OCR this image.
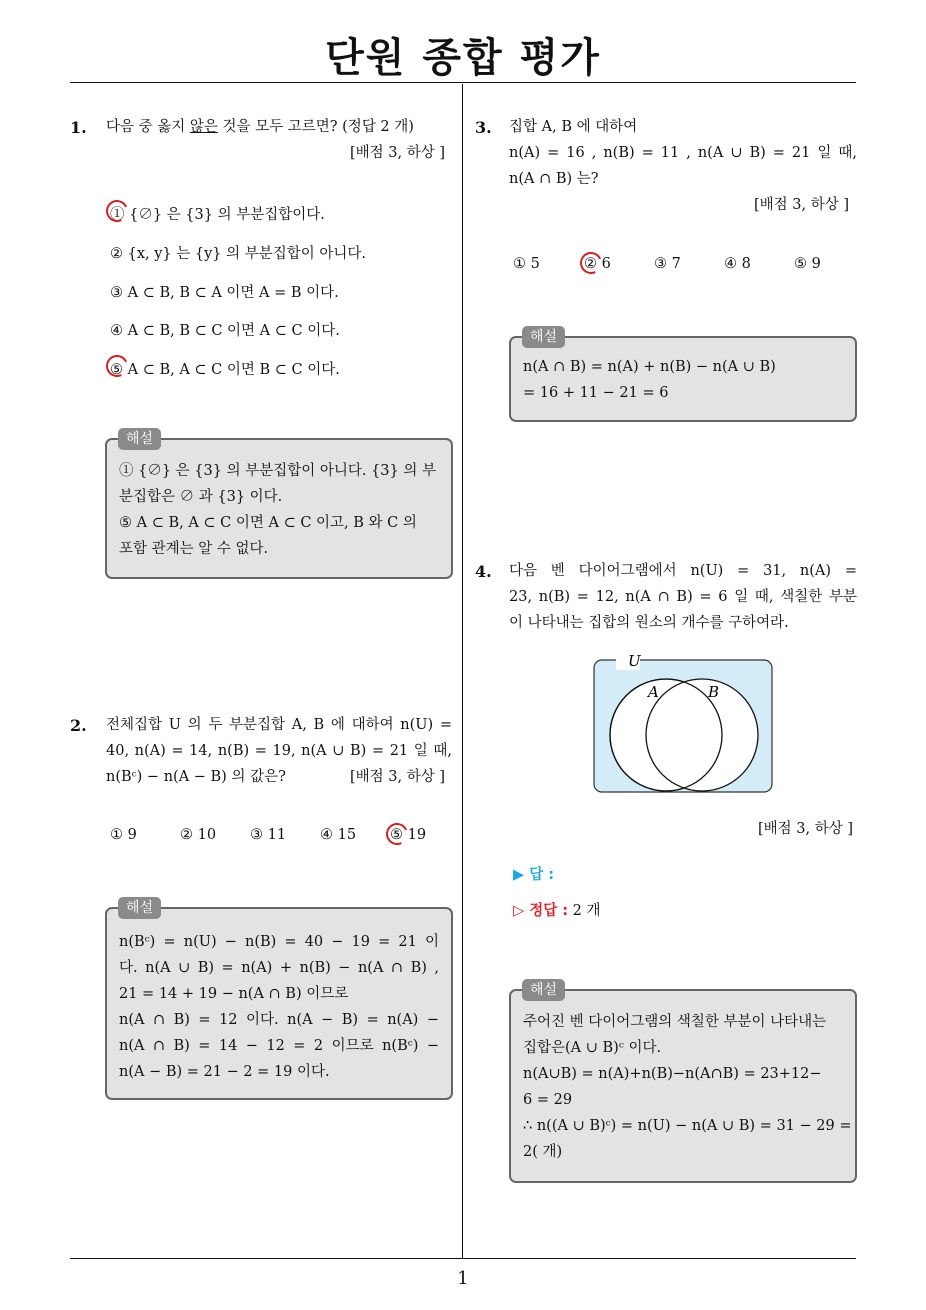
단원 종합 평가
1
1. 다음 중 옳지 않은 것을 모두 고르면? (정답 2 개)
[배점 3, 하상 ]
① {∅} 은 {3} 의 부분집합이다.
② {x, y} 는 {y} 의 부분집합이 아니다.
③ A ⊂ B, B ⊂ A 이면 A = B 이다.
④ A ⊂ B, B ⊂ C 이면 A ⊂ C 이다.
⑤ A ⊂ B, A ⊂ C 이면 B ⊂ C 이다.
① {∅} 은 {3} 의 부분집합이 아니다. {3} 의 부
분집합은 ∅ 과 {3} 이다.
⑤ A ⊂ B, A ⊂ C 이면 A ⊂ C 이고, B 와 C 의
포함 관계는 알 수 없다.
해설
2. 전체집합 U 의 두 부분집합 A, B 에 대하여 n(U) =
40, n(A) = 14, n(B) = 19, n(A ∪ B) = 21 일 때,
n(Bᶜ) − n(A − B) 의 값은?	[배점 3, 하상 ]
① 9	② 10 ③ 11 ④ 15 ⑤ 19
n(Bᶜ) = n(U) − n(B) = 40 − 19 = 21 이
다. n(A ∪ B) = n(A) + n(B) − n(A ∩ B) ,
21 = 14 + 19 − n(A ∩ B) 이므로
n(A ∩ B) = 12 이다. n(A − B) = n(A) −
n(A ∩ B) = 14 − 12 = 2 이므로 n(Bᶜ) −
n(A − B) = 21 − 2 = 19 이다.
해설
3. 집합 A, B 에 대하여
n(A) = 16 , n(B) = 11 , n(A ∪ B) = 21 일 때,
n(A ∩ B) 는?
[배점 3, 하상 ]
① 5	② 6	③ 7	④ 8	⑤ 9
n(A ∩ B) = n(A) + n(B) − n(A ∪ B)
= 16 + 11 − 21 = 6
해설
4. 다음 벤 다이어그램에서 n(U) = 31, n(A) =
23, n(B) = 12, n(A ∩ B) = 6 일 때, 색칠한 부분
이 나타내는 집합의 원소의 개수를 구하여라.
U
A	B
[배점 3, 하상 ]
▶ 답 :
▷ 정답 : 2 개
주어진 벤 다이어그램의 색칠한 부분이 나타내는
집합은(A ∪ B)ᶜ 이다.
n(A∪B) = n(A)+n(B)−n(A∩B) = 23+12−
6 = 29
∴ n((A ∪ B)ᶜ) = n(U) − n(A ∪ B) = 31 − 29 =
2( 개)
해설
